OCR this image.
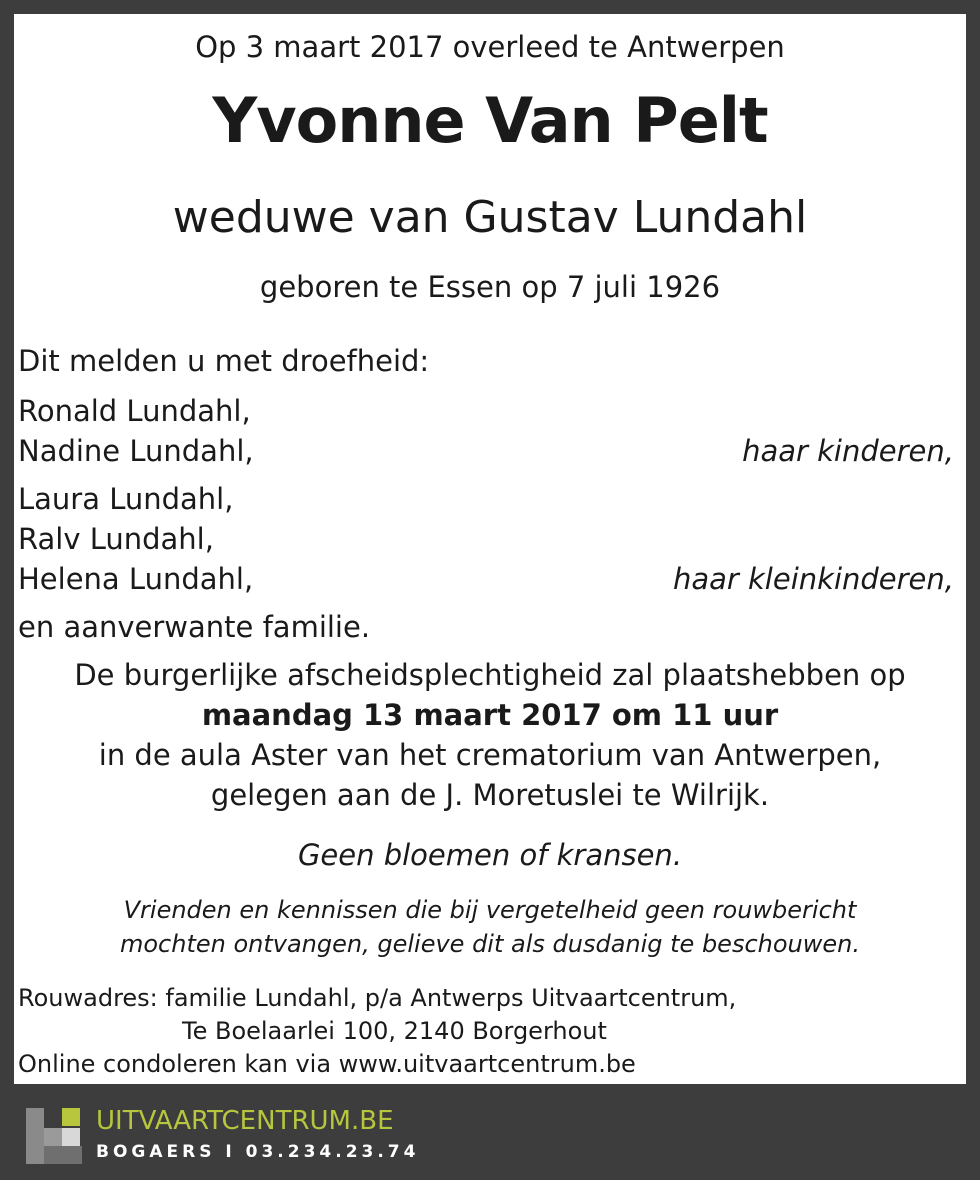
Op 3 maart 2017 overleed te Antwerpen
Yvonne Van Pelt
weduwe van Gustav Lundahl
geboren te Essen op 7 juli 1926
Dit melden u met droefheid:
Ronald Lundahl,
Nadine Lundahl,	haar kinderen,
Laura Lundahl,
Ralv Lundahl,
Helena Lundahl,	haar kleinkinderen,
en aanverwante familie.
De burgerlijke afscheidsplechtigheid zal plaatshebben op
maandag 13 maart 2017 om 11 uur
in de aula Aster van het crematorium van Antwerpen,
gelegen aan de J. Moretuslei te Wilrijk.
Geen bloemen of kransen.
Vrienden en kennissen die bij vergetelheid geen rouwbericht
mochten ontvangen, gelieve dit als dusdanig te beschouwen.
Rouwadres: familie Lundahl, p/a Antwerps Uitvaartcentrum,
Te Boelaarlei 100, 2140 Borgerhout
Online condoleren kan via www.uitvaartcentrum.be
UITVAARTCENTRUM.BE
BOGAERS I 03.234.23.74
